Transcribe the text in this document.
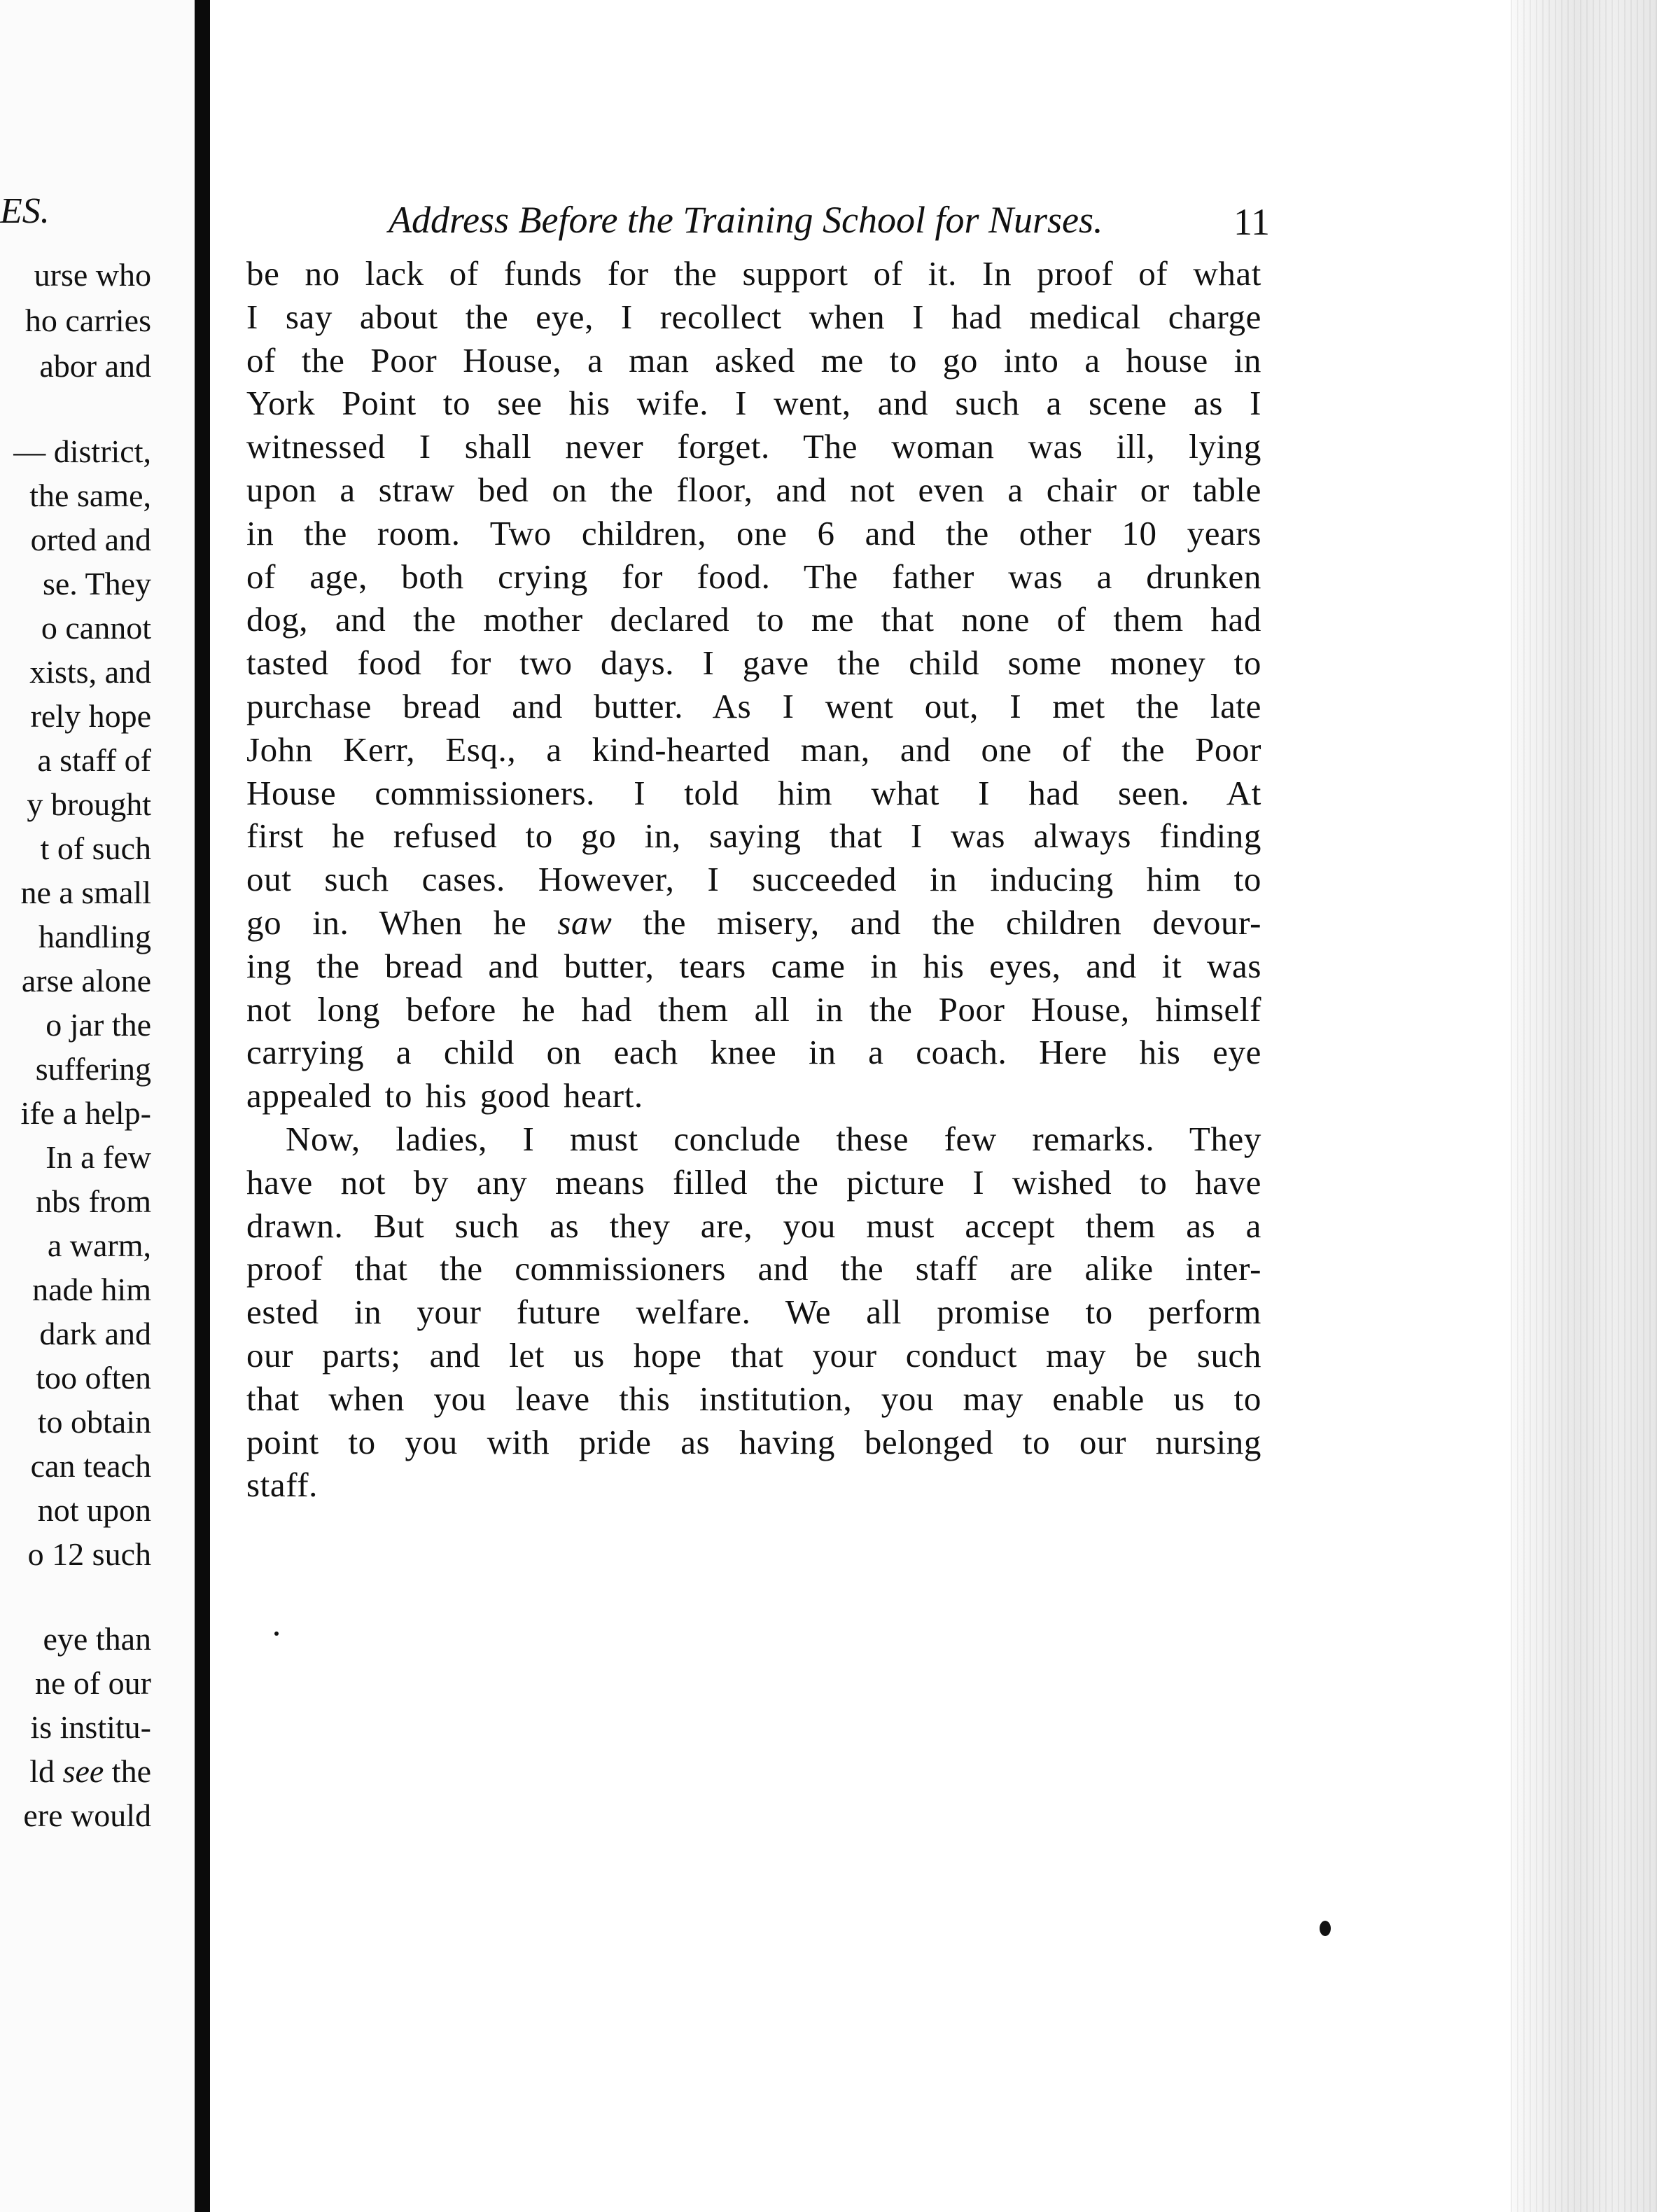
ES.
urse who
ho carries
abor and
— district,
the same,
orted and
se. They
o cannot
xists, and
rely hope
a staff of
y brought
t of such
ne a small
handling
arse alone
o jar the
suffering
ife a help-
In a few
nbs from
a warm,
nade him
dark and
too often
to obtain
can teach
not upon
o 12 such
eye than
ne of our
is institu-
ld see the
ere would
Address Before the Training School for Nurses.	11
be no lack of funds for the support of it. In proof of what
I say about the eye, I recollect when I had medical charge
of the Poor House, a man asked me to go into a house in
York Point to see his wife. I went, and such a scene as I
witnessed I shall never forget. The woman was ill, lying
upon a straw bed on the floor, and not even a chair or table
in the room. Two children, one 6 and the other 10 years
of age, both crying for food. The father was a drunken
dog, and the mother declared to me that none of them had
tasted food for two days. I gave the child some money to
purchase bread and butter. As I went out, I met the late
John Kerr, Esq., a kind-hearted man, and one of the Poor
House commissioners. I told him what I had seen. At
first he refused to go in, saying that I was always finding
out such cases. However, I succeeded in inducing him to
go in. When he saw the misery, and the children devour-
ing the bread and butter, tears came in his eyes, and it was
not long before he had them all in the Poor House, himself
carrying a child on each knee in a coach. Here his eye
appealed to his good heart.
Now, ladies, I must conclude these few remarks. They
have not by any means filled the picture I wished to have
drawn. But such as they are, you must accept them as a
proof that the commissioners and the staff are alike inter-
ested in your future welfare. We all promise to perform
our parts; and let us hope that your conduct may be such
that when you leave this institution, you may enable us to
point to you with pride as having belonged to our nursing
staff.
